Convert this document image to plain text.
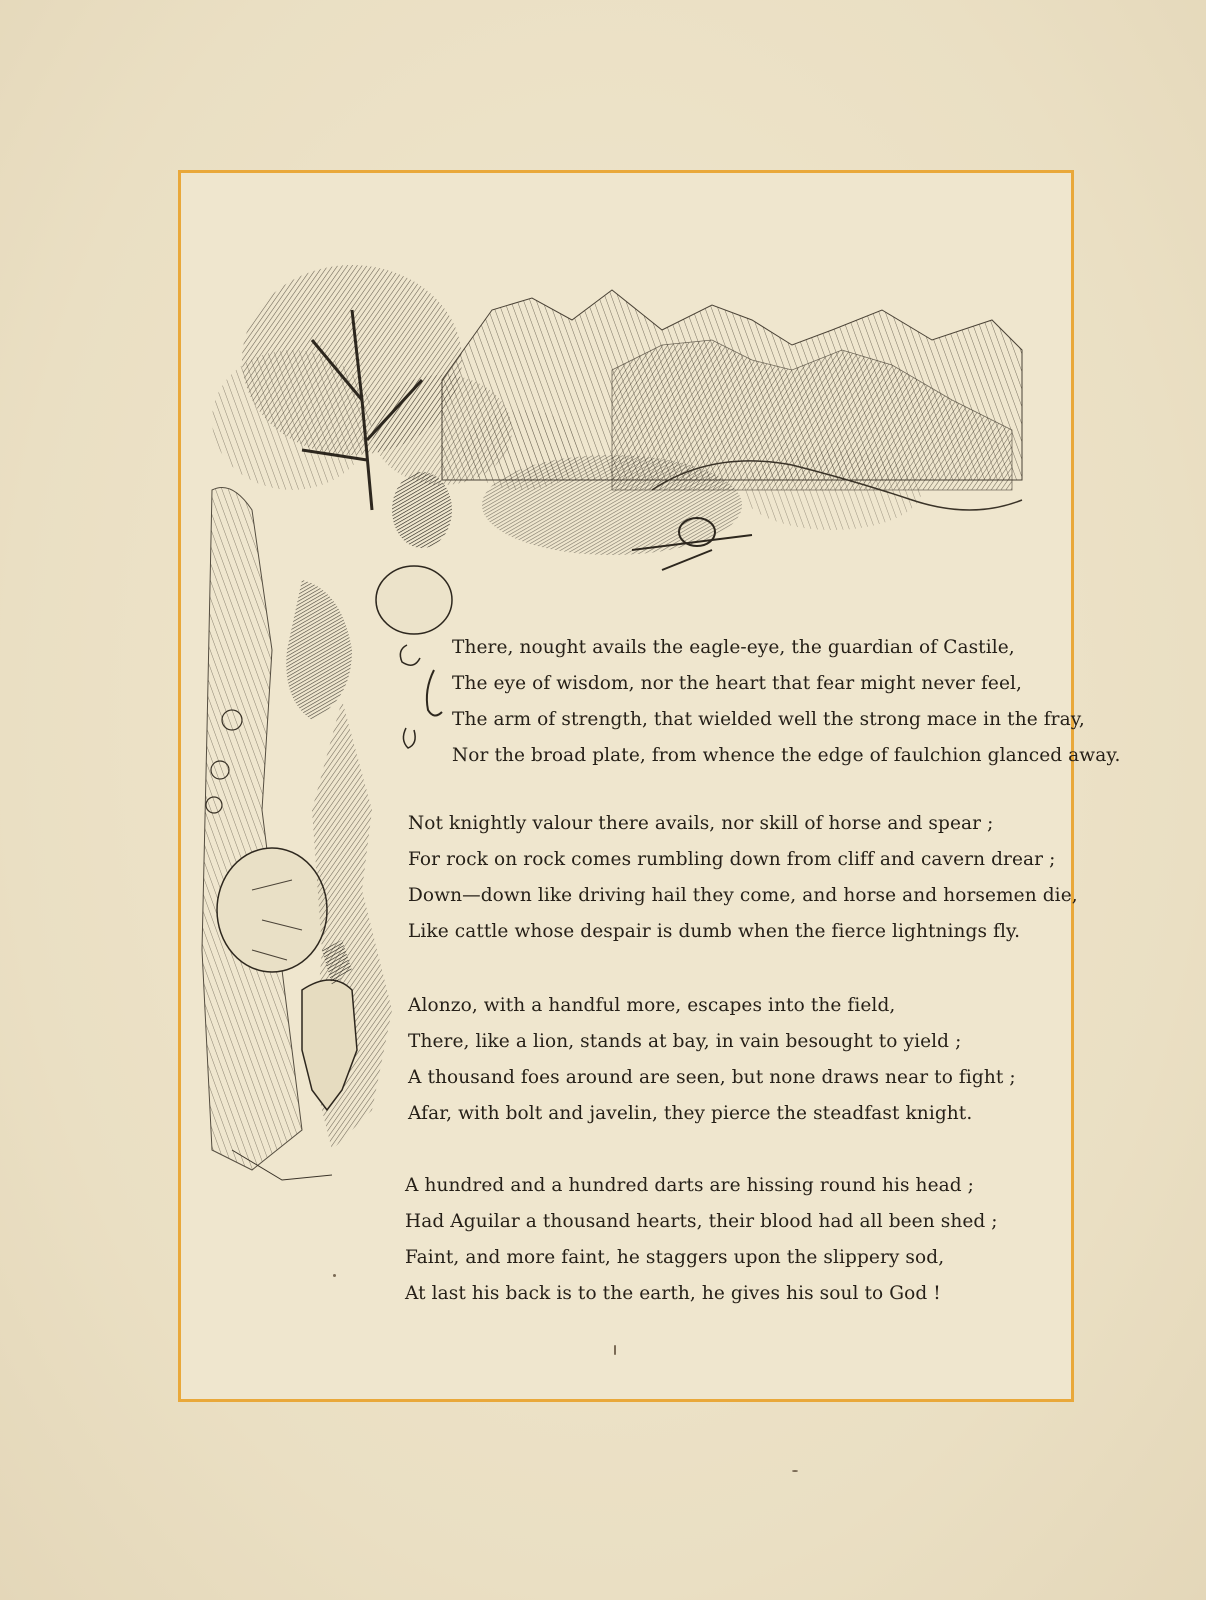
There, nought avails the eagle-eye, the guardian of Castile,
The eye of wisdom, nor the heart that fear might never feel,
The arm of strength, that wielded well the strong mace in the fray,
Nor the broad plate, from whence the edge of faulchion glanced away.
Not knightly valour there avails, nor skill of horse and spear ;
For rock on rock comes rumbling down from cliff and cavern drear ;
Down—down like driving hail they come, and horse and horsemen die,
Like cattle whose despair is dumb when the fierce lightnings fly.
Alonzo, with a handful more, escapes into the field,
There, like a lion, stands at bay, in vain besought to yield ;
A thousand foes around are seen, but none draws near to fight ;
Afar, with bolt and javelin, they pierce the steadfast knight.
A hundred and a hundred darts are hissing round his head ;
Had Aguilar a thousand hearts, their blood had all been shed ;
Faint, and more faint, he staggers upon the slippery sod,
At last his back is to the earth, he gives his soul to God !
